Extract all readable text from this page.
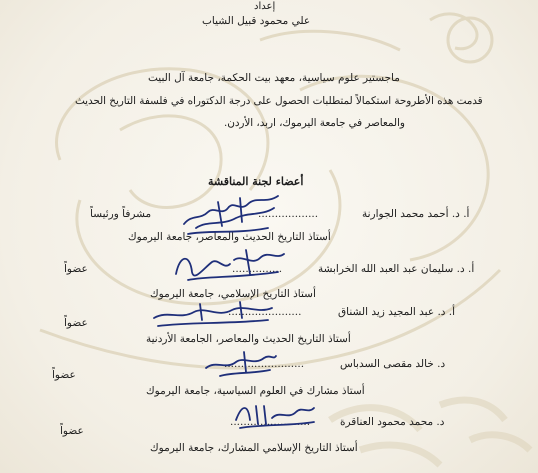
إعداد
علي محمود قبيل الشياب
ماجستير علوم سياسية، معهد بيت الحكمة، جامعة آل البيت
قدمت هذه الأطروحة استكمالاً لمتطلبات الحصول على درجة الدكتوراه في فلسفة التاريخ الحديث
والمعاصر في جامعة اليرموك، اربد، الأردن.
أعضاء لجنة المناقشة
أ. د. أحمد محمد الجوارنة
..................
مشرفاً ورئيساً
أستاذ التاريخ الحديث والمعاصر، جامعة اليرموك
أ. د. سليمان عبد العبد الله الخرابشة
...............
عضواً
أستاذ التاريخ الإسلامي، جامعة اليرموك
أ. د. عبد المجيد زيد الشناق
......................
عضواً
أستاذ التاريخ الحديث والمعاصر، الجامعة الأردنية
د. خالد مقصى السدباس
........................
عضواً
أستاذ مشارك في العلوم السياسية، جامعة اليرموك
د. محمد محمود العناقرة
........................
عضواً
أستاذ التاريخ الإسلامي المشارك، جامعة اليرموك
